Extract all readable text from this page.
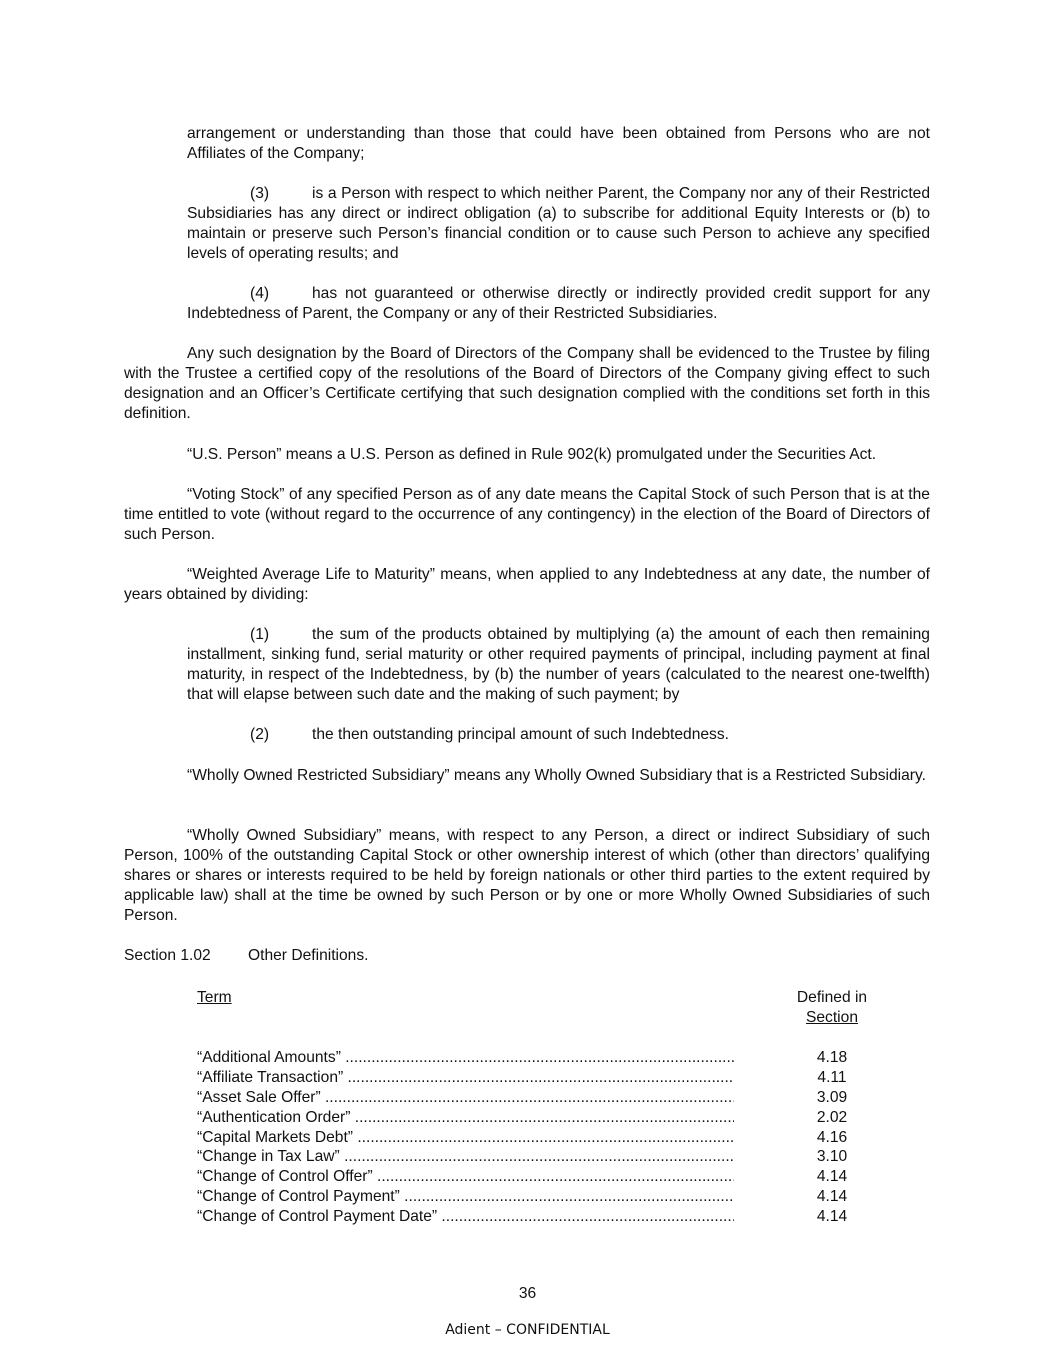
arrangement or understanding than those that could have been obtained from Persons who are not Affiliates of the Company;

(3)	is a Person with respect to which neither Parent, the Company nor any of their Restricted Subsidiaries has any direct or indirect obligation (a) to subscribe for additional Equity Interests or (b) to maintain or preserve such Person’s financial condition or to cause such Person to achieve any specified levels of operating results; and

(4)	has not guaranteed or otherwise directly or indirectly provided credit support for any Indebtedness of Parent, the Company or any of their Restricted Subsidiaries.

Any such designation by the Board of Directors of the Company shall be evidenced to the Trustee by filing with the Trustee a certified copy of the resolutions of the Board of Directors of the Company giving effect to such designation and an Officer’s Certificate certifying that such designation complied with the conditions set forth in this definition.

“U.S. Person” means a U.S. Person as defined in Rule 902(k) promulgated under the Securities Act.

“Voting Stock” of any specified Person as of any date means the Capital Stock of such Person that is at the time entitled to vote (without regard to the occurrence of any contingency) in the election of the Board of Directors of such Person.

“Weighted Average Life to Maturity” means, when applied to any Indebtedness at any date, the number of years obtained by dividing:

(1)	the sum of the products obtained by multiplying (a) the amount of each then remaining installment, sinking fund, serial maturity or other required payments of principal, including payment at final maturity, in respect of the Indebtedness, by (b) the number of years (calculated to the nearest one-twelfth) that will elapse between such date and the making of such payment; by

(2)	the then outstanding principal amount of such Indebtedness.

“Wholly Owned Restricted Subsidiary” means any Wholly Owned Subsidiary that is a Restricted Subsidiary.

“Wholly Owned Subsidiary” means, with respect to any Person, a direct or indirect Subsidiary of such Person, 100% of the outstanding Capital Stock or other ownership interest of which (other than directors’ qualifying shares or shares or interests required to be held by foreign nationals or other third parties to the extent required by applicable law) shall at the time be owned by such Person or by one or more Wholly Owned Subsidiaries of such Person.

Section 1.02 Other Definitions.

Term	Defined in
Section
“Additional Amounts” .....	4.18
“Affiliate Transaction” .....	4.11
“Asset Sale Offer” .....	3.09
“Authentication Order” .....	2.02
“Capital Markets Debt” .....	4.16
“Change in Tax Law” .....	3.10
“Change of Control Offer” .....	4.14
“Change of Control Payment” .....	4.14
“Change of Control Payment Date” .....	4.14
36
Adient – CONFIDENTIAL
